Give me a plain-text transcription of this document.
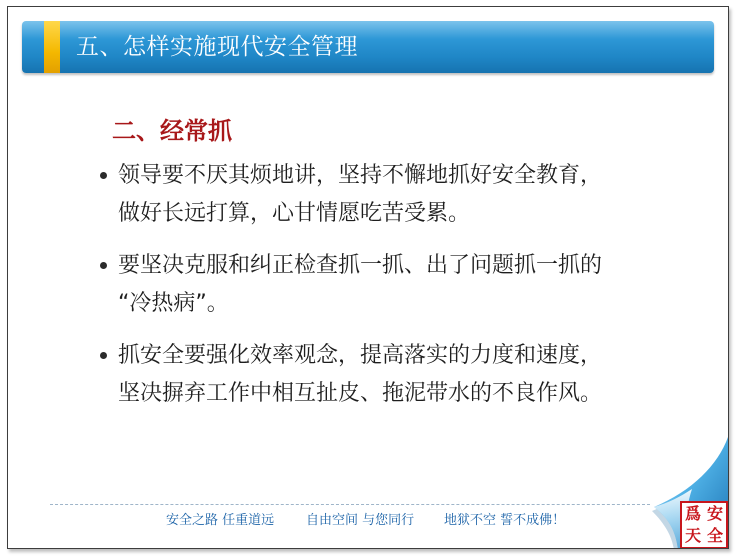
五、怎样实施现代安全管理
二、经常抓
领导要不厌其烦地讲，坚持不懈地抓好安全教育，
做好长远打算，心甘情愿吃苦受累。
要坚决克服和纠正检查抓一抓、出了问题抓一抓的
“冷热病”。
抓安全要强化效率观念，提高落实的力度和速度，
坚决摒弃工作中相互扯皮、拖泥带水的不良作风。
安全之路 任重道远 自由空间 与您同行 地狱不空 誓不成佛！	爲 安
天 全
